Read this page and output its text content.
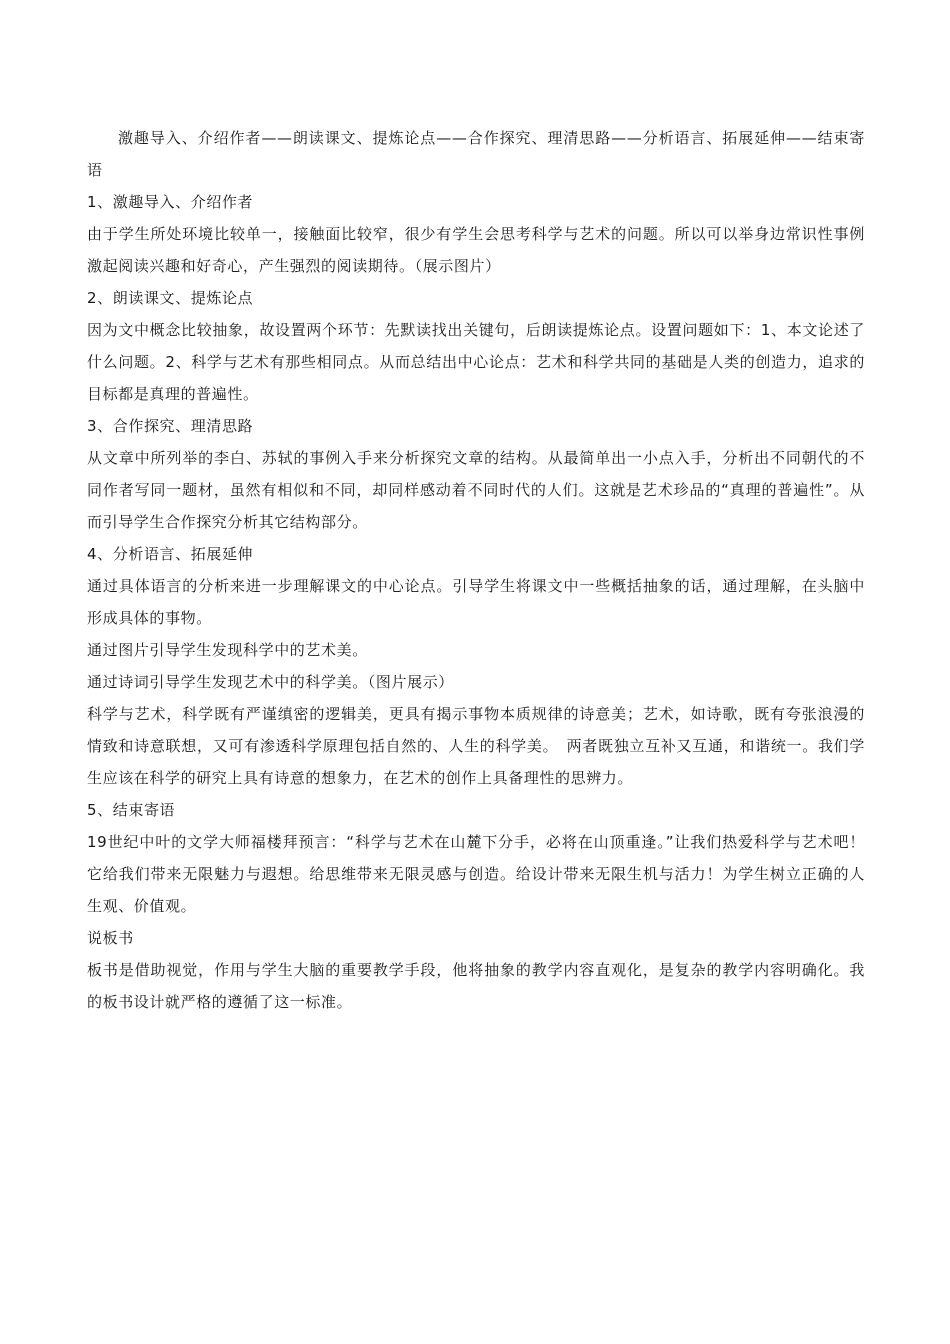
激趣导入、介绍作者——朗读课文、提炼论点——合作探究、理清思路——分析语言、拓展延伸——结束寄语

1、激趣导入、介绍作者

由于学生所处环境比较单一，接触面比较窄，很少有学生会思考科学与艺术的问题。所以可以举身边常识性事例激起阅读兴趣和好奇心，产生强烈的阅读期待。（展示图片）

2、朗读课文、提炼论点

因为文中概念比较抽象，故设置两个环节：先默读找出关键句，后朗读提炼论点。设置问题如下：1、本文论述了什么问题。2、科学与艺术有那些相同点。从而总结出中心论点：艺术和科学共同的基础是人类的创造力，追求的目标都是真理的普遍性。

3、合作探究、理清思路

从文章中所列举的李白、苏轼的事例入手来分析探究文章的结构。从最简单出一小点入手，分析出不同朝代的不同作者写同一题材，虽然有相似和不同，却同样感动着不同时代的人们。这就是艺术珍品的“真理的普遍性”。从而引导学生合作探究分析其它结构部分。

4、分析语言、拓展延伸

通过具体语言的分析来进一步理解课文的中心论点。引导学生将课文中一些概括抽象的话，通过理解，在头脑中形成具体的事物。

通过图片引导学生发现科学中的艺术美。

通过诗词引导学生发现艺术中的科学美。（图片展示）

科学与艺术，科学既有严谨缜密的逻辑美，更具有揭示事物本质规律的诗意美；艺术，如诗歌，既有夸张浪漫的情致和诗意联想，又可有渗透科学原理包括自然的、人生的科学美。　两者既独立互补又互通，和谐统一。我们学生应该在科学的研究上具有诗意的想象力，在艺术的创作上具备理性的思辨力。

5、结束寄语

19世纪中叶的文学大师福楼拜预言：“科学与艺术在山麓下分手，必将在山顶重逢。”让我们热爱科学与艺术吧！它给我们带来无限魅力与遐想。给思维带来无限灵感与创造。给设计带来无限生机与活力！为学生树立正确的人生观、价值观。

说板书

板书是借助视觉，作用与学生大脑的重要教学手段，他将抽象的教学内容直观化，是复杂的教学内容明确化。我的板书设计就严格的遵循了这一标准。
